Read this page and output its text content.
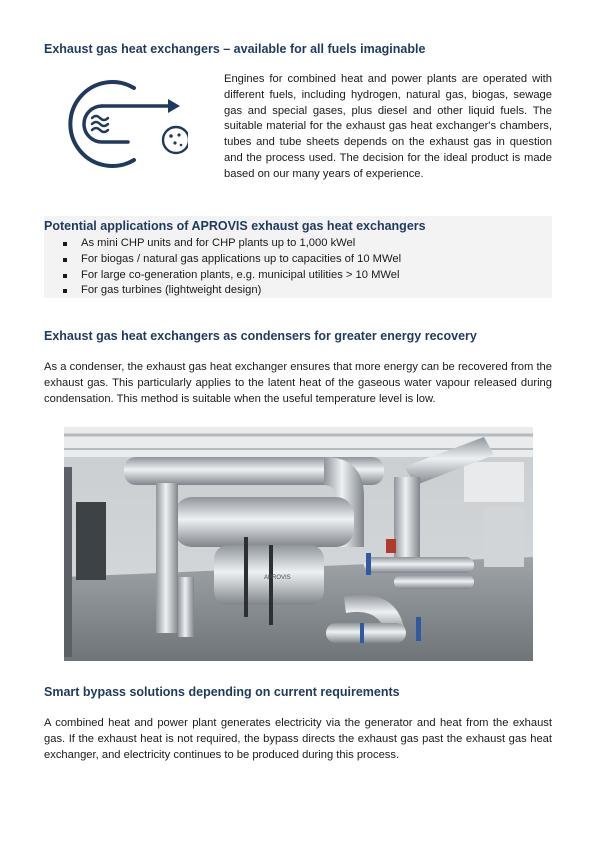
Exhaust gas heat exchangers – available for all fuels imaginable
Engines for combined heat and power plants are operated with different fuels, including hydrogen, natural gas, biogas, sewage gas and special gases, plus diesel and other liquid fuels. The suitable material for the exhaust gas heat exchanger's chambers, tubes and tube sheets depends on the exhaust gas in question and the process used. The decision for the ideal product is made based on our many years of experience.
Potential applications of APROVIS exhaust gas heat exchangers
As mini CHP units and for CHP plants up to 1,000 kWel
For biogas / natural gas applications up to capacities of 10 MWel
For large co-generation plants, e.g. municipal utilities > 10 MWel
For gas turbines (lightweight design)
Exhaust gas heat exchangers as condensers for greater energy recovery
As a condenser, the exhaust gas heat exchanger ensures that more energy can be recovered from the exhaust gas. This particularly applies to the latent heat of the gaseous water vapour released during condensation. This method is suitable when the useful temperature level is low.
APROVIS
Smart bypass solutions depending on current requirements
A combined heat and power plant generates electricity via the generator and heat from the exhaust gas. If the exhaust heat is not required, the bypass directs the exhaust gas past the exhaust gas heat exchanger, and electricity continues to be produced during this process.
